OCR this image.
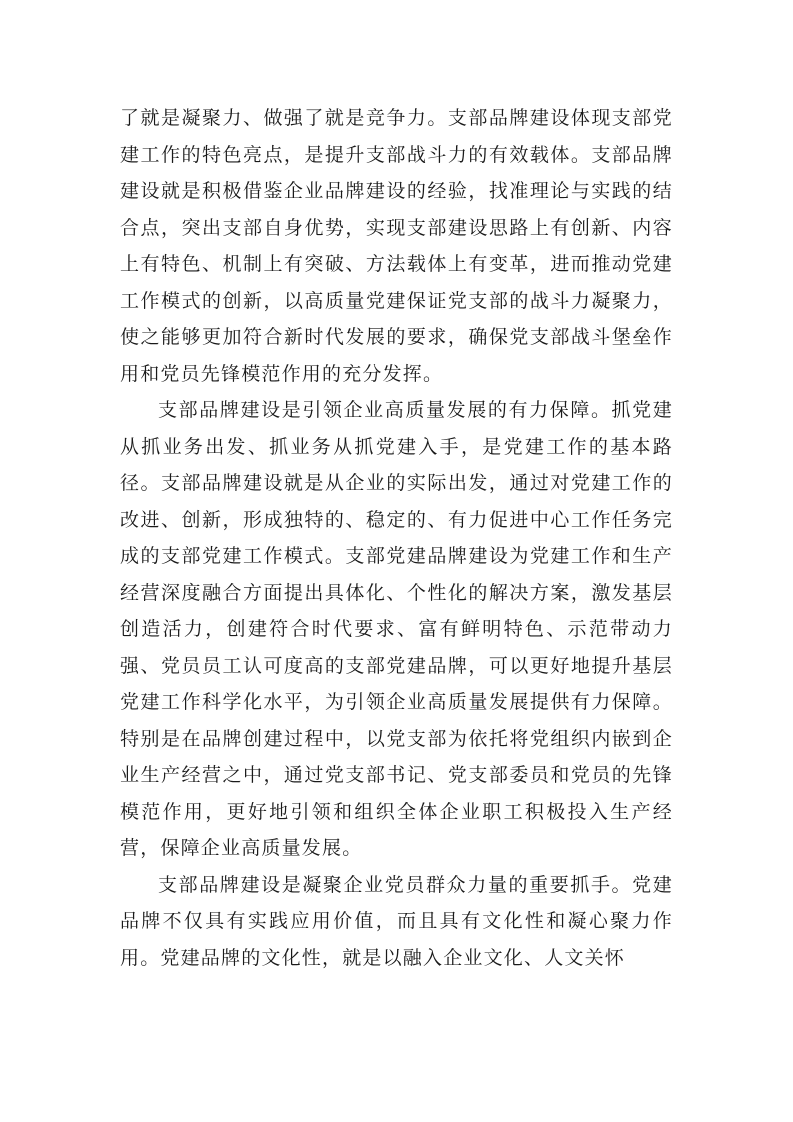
了就是凝聚力、做强了就是竞争力。支部品牌建设体现支部党建工作的特色亮点，是提升支部战斗力的有效载体。支部品牌建设就是积极借鉴企业品牌建设的经验，找准理论与实践的结合点，突出支部自身优势，实现支部建设思路上有创新、内容上有特色、机制上有突破、方法载体上有变革，进而推动党建工作模式的创新，以高质量党建保证党支部的战斗力凝聚力，使之能够更加符合新时代发展的要求，确保党支部战斗堡垒作用和党员先锋模范作用的充分发挥。

支部品牌建设是引领企业高质量发展的有力保障。抓党建从抓业务出发、抓业务从抓党建入手，是党建工作的基本路径。支部品牌建设就是从企业的实际出发，通过对党建工作的改进、创新，形成独特的、稳定的、有力促进中心工作任务完成的支部党建工作模式。支部党建品牌建设为党建工作和生产经营深度融合方面提出具体化、个性化的解决方案，激发基层创造活力，创建符合时代要求、富有鲜明特色、示范带动力强、党员员工认可度高的支部党建品牌，可以更好地提升基层党建工作科学化水平，为引领企业高质量发展提供有力保障。特别是在品牌创建过程中，以党支部为依托将党组织内嵌到企业生产经营之中，通过党支部书记、党支部委员和党员的先锋模范作用，更好地引领和组织全体企业职工积极投入生产经营，保障企业高质量发展。

支部品牌建设是凝聚企业党员群众力量的重要抓手。党建品牌不仅具有实践应用价值，而且具有文化性和凝心聚力作用。党建品牌的文化性，就是以融入企业文化、人文关怀
